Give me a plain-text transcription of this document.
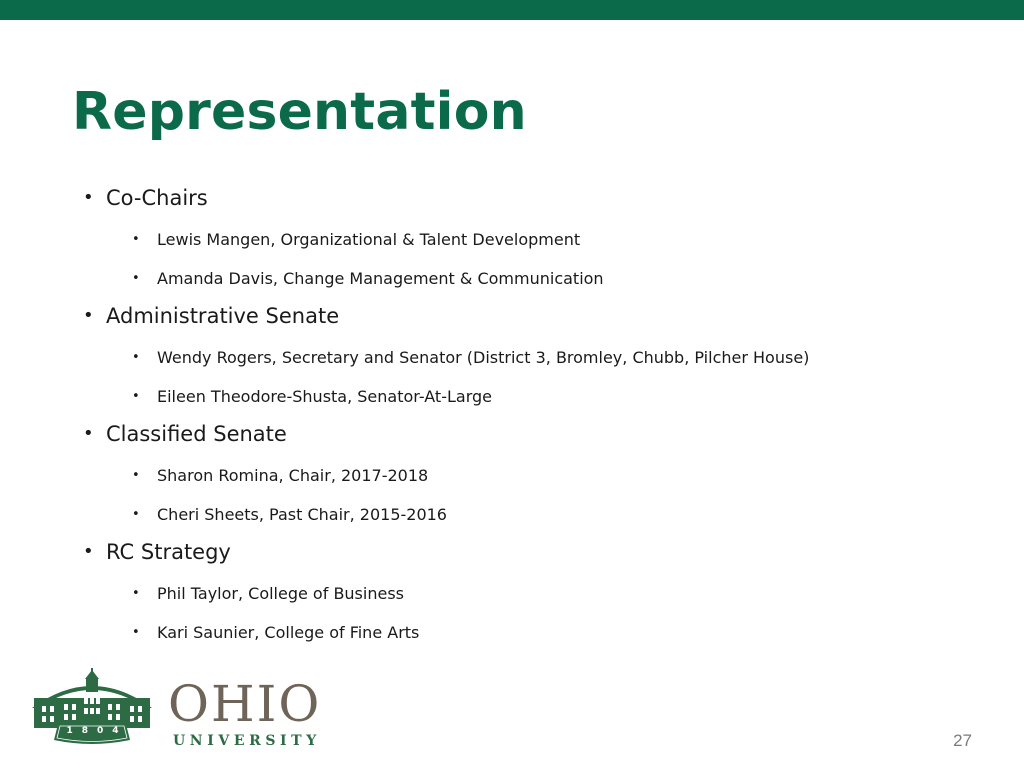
Representation
• Co-Chairs
• Lewis Mangen, Organizational & Talent Development
• Amanda Davis, Change Management & Communication
• Administrative Senate
• Wendy Rogers, Secretary and Senator (District 3, Bromley, Chubb, Pilcher House)
• Eileen Theodore-Shusta, Senator-At-Large
• Classified Senate
• Sharon Romina, Chair, 2017-2018
• Cheri Sheets, Past Chair, 2015-2016
• RC Strategy
• Phil Taylor, College of Business
• Kari Saunier, College of Fine Arts
1804 OHIO
UNIVERSITY	27
